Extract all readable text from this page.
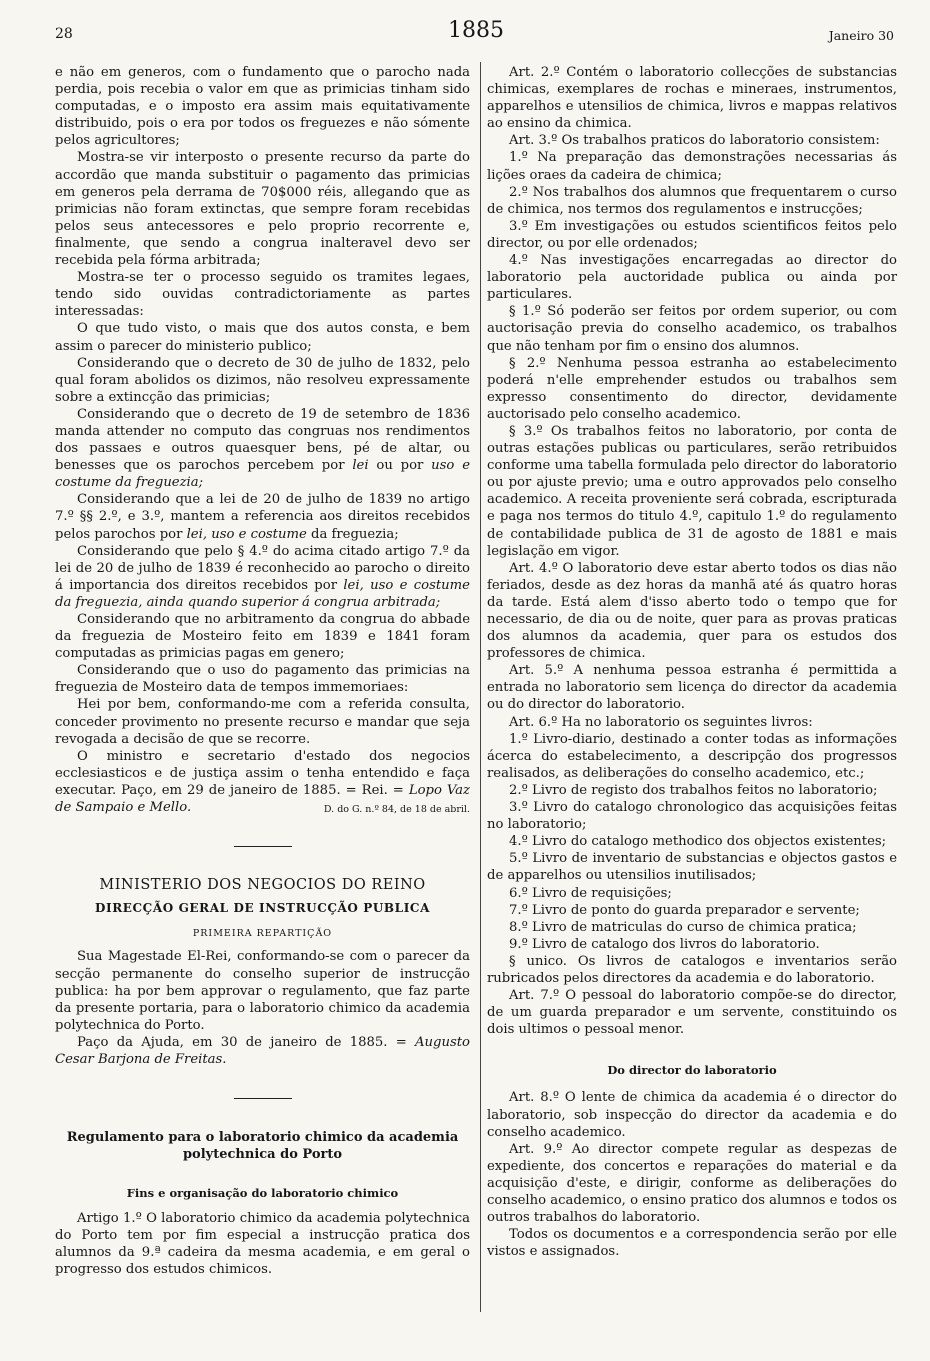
28	1885	Janeiro 30

e não em generos, com o fundamento que o parocho nada perdia, pois recebia o valor em que as primicias tinham sido computadas, e o imposto era assim mais equitativamente distribuido, pois o era por todos os freguezes e não sómente pelos agricultores;

Mostra-se vir interposto o presente recurso da parte do accordão que manda substituir o pagamento das primicias em generos pela derrama de 70$000 réis, allegando que as primicias não foram extinctas, que sempre foram recebidas pelos seus antecessores e pelo proprio recorrente e, finalmente, que sendo a congrua inalteravel devo ser recebida pela fórma arbitrada;

Mostra-se ter o processo seguido os tramites legaes, tendo sido ouvidas contradictoriamente as partes interessadas:

O que tudo visto, o mais que dos autos consta, e bem assim o parecer do ministerio publico;

Considerando que o decreto de 30 de julho de 1832, pelo qual foram abolidos os dizimos, não resolveu expressamente sobre a extincção das primicias;

Considerando que o decreto de 19 de setembro de 1836 manda attender no computo das congruas nos rendimentos dos passaes e outros quaesquer bens, pé de altar, ou benesses que os parochos percebem por lei ou por uso e costume da freguezia;

Considerando que a lei de 20 de julho de 1839 no artigo 7.º §§ 2.º, e 3.º, mantem a referencia aos direitos recebidos pelos parochos por lei, uso e costume da freguezia;

Considerando que pelo § 4.º do acima citado artigo 7.º da lei de 20 de julho de 1839 é reconhecido ao parocho o direito á importancia dos direitos recebidos por lei, uso e costume da freguezia, ainda quando superior á congrua arbitrada;

Considerando que no arbitramento da congrua do abbade da freguezia de Mosteiro feito em 1839 e 1841 foram computadas as primicias pagas em genero;

Considerando que o uso do pagamento das primicias na freguezia de Mosteiro data de tempos immemoriaes:

Hei por bem, conformando-me com a referida consulta, conceder provimento no presente recurso e mandar que seja revogada a decisão de que se recorre.

O ministro e secretario d'estado dos negocios ecclesiasticos e de justiça assim o tenha entendido e faça executar. Paço, em 29 de janeiro de 1885. = Rei. = Lopo Vaz de Sampaio e Mello.	D. do G. n.º 84, de 18 de abril.

MINISTERIO DOS NEGOCIOS DO REINO
DIRECÇÃO GERAL DE INSTRUCÇÃO PUBLICA
PRIMEIRA REPARTIÇÃO

Sua Magestade El-Rei, conformando-se com o parecer da secção permanente do conselho superior de instrucção publica: ha por bem approvar o regulamento, que faz parte da presente portaria, para o laboratorio chimico da academia polytechnica do Porto.

Paço da Ajuda, em 30 de janeiro de 1885. = Augusto Cesar Barjona de Freitas.

Regulamento para o laboratorio chimico da academia polytechnica do Porto
Fins e organisação do laboratorio chimico

Artigo 1.º O laboratorio chimico da academia polytechnica do Porto tem por fim especial a instrucção pratica dos alumnos da 9.ª cadeira da mesma academia, e em geral o progresso dos estudos chimicos.

Art. 2.º Contém o laboratorio collecções de substancias chimicas, exemplares de rochas e mineraes, instrumentos, apparelhos e utensilios de chimica, livros e mappas relativos ao ensino da chimica.

Art. 3.º Os trabalhos praticos do laboratorio consistem:

1.º Na preparação das demonstrações necessarias ás lições oraes da cadeira de chimica;

2.º Nos trabalhos dos alumnos que frequentarem o curso de chimica, nos termos dos regulamentos e instrucções;

3.º Em investigações ou estudos scientificos feitos pelo director, ou por elle ordenados;

4.º Nas investigações encarregadas ao director do laboratorio pela auctoridade publica ou ainda por particulares.

§ 1.º Só poderão ser feitos por ordem superior, ou com auctorisação previa do conselho academico, os trabalhos que não tenham por fim o ensino dos alumnos.

§ 2.º Nenhuma pessoa estranha ao estabelecimento poderá n'elle emprehender estudos ou trabalhos sem expresso consentimento do director, devidamente auctorisado pelo conselho academico.

§ 3.º Os trabalhos feitos no laboratorio, por conta de outras estações publicas ou particulares, serão retribuidos conforme uma tabella formulada pelo director do laboratorio ou por ajuste previo; uma e outro approvados pelo conselho academico. A receita proveniente será cobrada, escripturada e paga nos termos do titulo 4.º, capitulo 1.º do regulamento de contabilidade publica de 31 de agosto de 1881 e mais legislação em vigor.

Art. 4.º O laboratorio deve estar aberto todos os dias não feriados, desde as dez horas da manhã até ás quatro horas da tarde. Está alem d'isso aberto todo o tempo que for necessario, de dia ou de noite, quer para as provas praticas dos alumnos da academia, quer para os estudos dos professores de chimica.

Art. 5.º A nenhuma pessoa estranha é permittida a entrada no laboratorio sem licença do director da academia ou do director do laboratorio.

Art. 6.º Ha no laboratorio os seguintes livros:

1.º Livro-diario, destinado a conter todas as informações ácerca do estabelecimento, a descripção dos progressos realisados, as deliberações do conselho academico, etc.;

2.º Livro de registo dos trabalhos feitos no laboratorio;

3.º Livro do catalogo chronologico das acquisições feitas no laboratorio;

4.º Livro do catalogo methodico dos objectos existentes;

5.º Livro de inventario de substancias e objectos gastos e de apparelhos ou utensilios inutilisados;

6.º Livro de requisições;

7.º Livro de ponto do guarda preparador e servente;

8.º Livro de matriculas do curso de chimica pratica;

9.º Livro de catalogo dos livros do laboratorio.

§ unico. Os livros de catalogos e inventarios serão rubricados pelos directores da academia e do laboratorio.

Art. 7.º O pessoal do laboratorio compõe-se do director, de um guarda preparador e um servente, constituindo os dois ultimos o pessoal menor.

Do director do laboratorio

Art. 8.º O lente de chimica da academia é o director do laboratorio, sob inspecção do director da academia e do conselho academico.

Art. 9.º Ao director compete regular as despezas de expediente, dos concertos e reparações do material e da acquisição d'este, e dirigir, conforme as deliberações do conselho academico, o ensino pratico dos alumnos e todos os outros trabalhos do laboratorio.

Todos os documentos e a correspondencia serão por elle vistos e assignados.
